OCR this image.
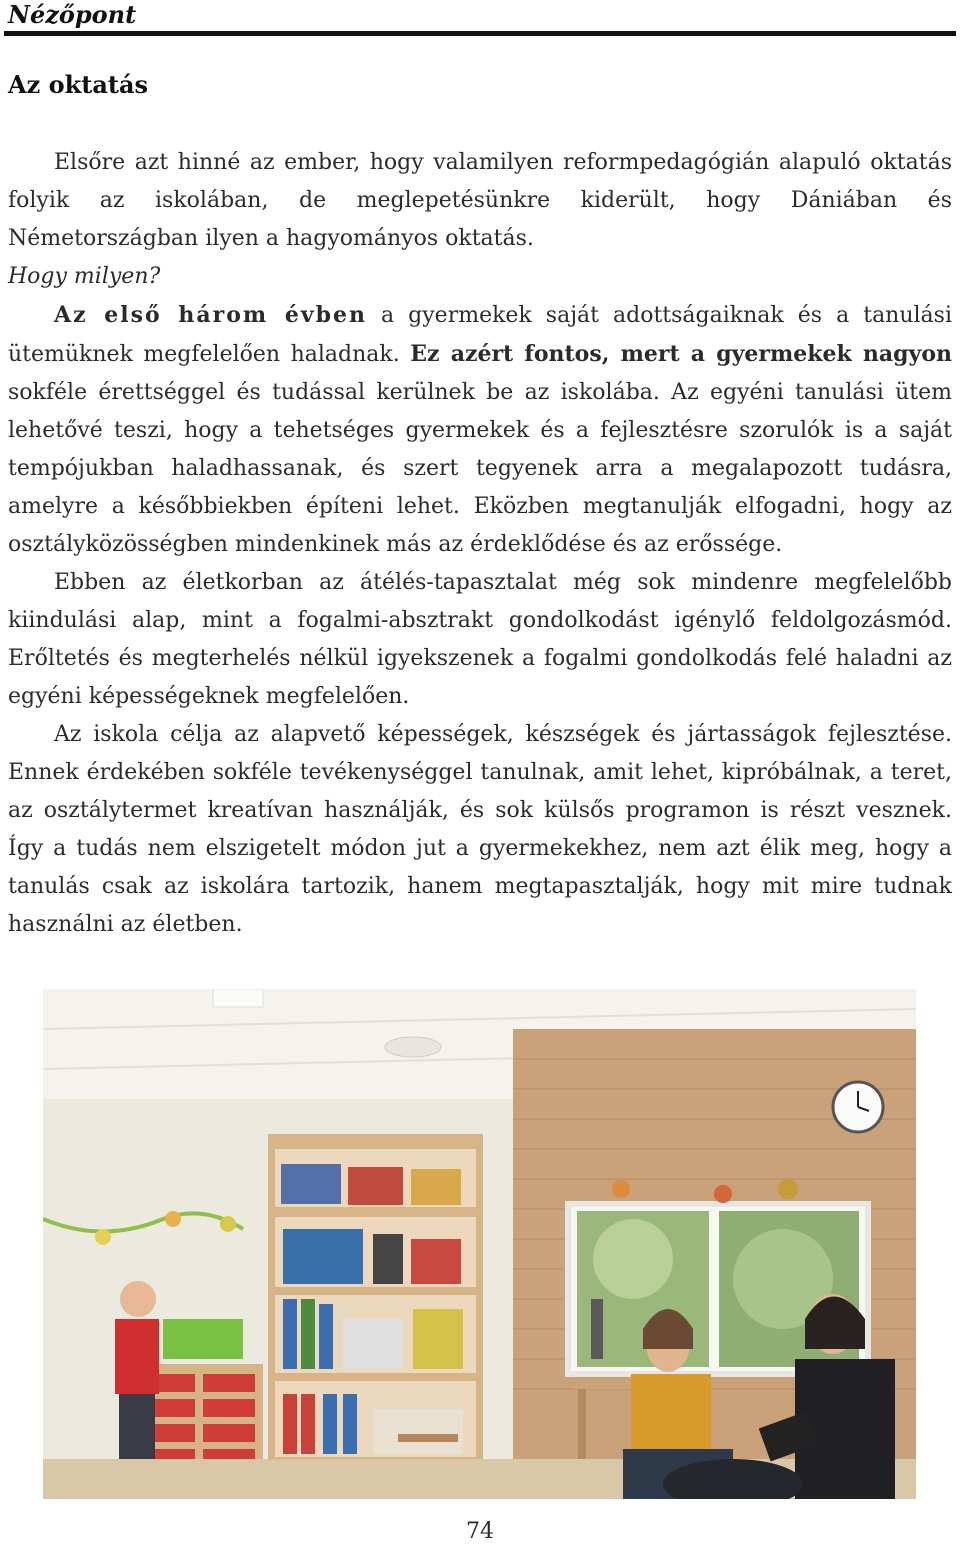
Nézőpont
Az oktatás

Elsőre azt hinné az ember, hogy valamilyen reformpedagógián alapuló oktatás folyik az iskolában, de meglepetésünkre kiderült, hogy Dániában és Németországban ilyen a hagyományos oktatás.

Hogy milyen?

Az első három évben a gyermekek saját adottságaiknak és a tanulási ütemüknek megfelelően haladnak. Ez azért fontos, mert a gyermekek nagyon sokféle érettséggel és tudással kerülnek be az iskolába. Az egyéni tanulási ütem lehetővé teszi, hogy a tehetséges gyermekek és a fejlesztésre szorulók is a saját tempójukban haladhassanak, és szert tegyenek arra a megalapozott tudásra, amelyre a későbbiekben építeni lehet. Eközben megtanulják elfogadni, hogy az osztályközösségben mindenkinek más az érdeklődése és az erőssége.

Ebben az életkorban az átélés-tapasztalat még sok mindenre megfelelőbb kiindulási alap, mint a fogalmi-absztrakt gondolkodást igénylő feldolgozásmód. Erőltetés és megterhelés nélkül igyekszenek a fogalmi gondolkodás felé haladni az egyéni képességeknek megfelelően.

Az iskola célja az alapvető képességek, készségek és jártasságok fejlesztése. Ennek érdekében sokféle tevékenységgel tanulnak, amit lehet, kipróbálnak, a teret, az osztálytermet kreatívan használják, és sok külsős programon is részt vesznek. Így a tudás nem elszigetelt módon jut a gyermekekhez, nem azt élik meg, hogy a tanulás csak az iskolára tartozik, hanem megtapasztalják, hogy mit mire tudnak használni az életben.

74
